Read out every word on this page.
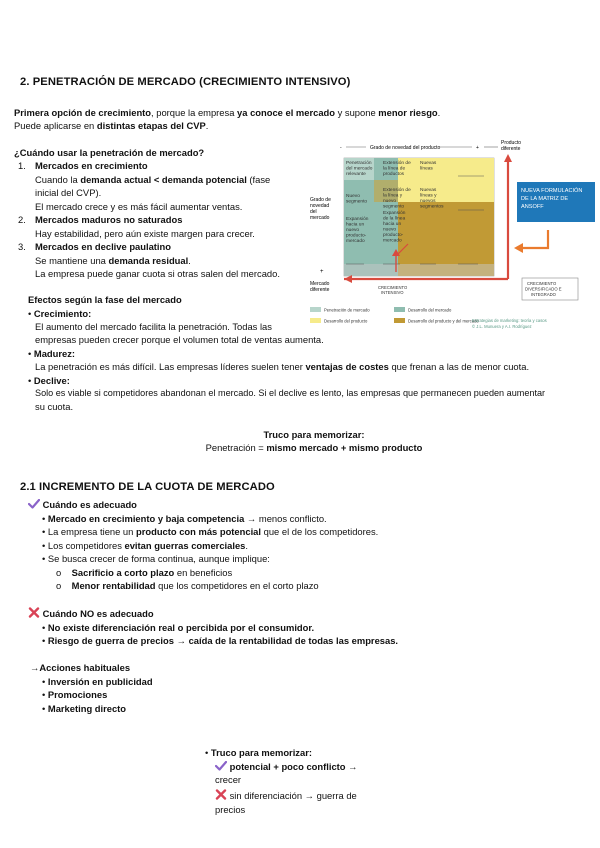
2. PENETRACIÓN DE MERCADO (CRECIMIENTO INTENSIVO)
Primera opción de crecimiento, porque la empresa ya conoce el mercado y supone menor riesgo.
Puede aplicarse en distintas etapas del CVP.
¿Cuándo usar la penetración de mercado?
1. Mercados en crecimiento
Cuando la demanda actual < demanda potencial (fase
inicial del CVP).
El mercado crece y es más fácil aumentar ventas.
2. Mercados maduros no saturados
Hay estabilidad, pero aún existe margen para crecer.
3. Mercados en declive paulatino
Se mantiene una demanda residual.
La empresa puede ganar cuota si otras salen del mercado.
Efectos según la fase del mercado
• Crecimiento:
El aumento del mercado facilita la penetración. Todas las
empresas pueden crecer porque el volumen total de ventas aumenta.
• Madurez:
La penetración es más difícil. Las empresas líderes suelen tener ventajas de costes que frenan a las de menor cuota.
• Declive:
Solo es viable si competidores abandonan el mercado. Si el declive es lento, las empresas que permanecen pueden aumentar
su cuota.
Truco para memorizar:
Penetración = mismo mercado + mismo producto
-	Grado de novedad del producto	+
Producto
diferente
Grado de
novedad
del
mercado
+
Mercado
diferente
Penetración del mercado relevante
Extensión de la línea de productos
Nuevas líneas
Nuevo segmento
Extensión de la línea y nuevo segmento
Nuevas líneas y nuevos segmentos
Expansión hacia un nuevo producto-mercado
Expansión de la línea hacia un nuevo producto-mercado
CRECIMIENTO
INTENSIVO
NUEVA FORMULACIÓN
DE LA MATRIZ DE
ANSOFF
CRECIMIENTO
DIVERSIFICADO E
INTEGRADO
Penetración de mercado	Desarrollo del mercado
Desarrollo del producto	Desarrollo del producto y del mercado
Estrategias de marketing: teoría y casos
© J.L. Munuera y A.I. Rodríguez
2.1 INCREMENTO DE LA CUOTA DE MERCADO
Cuándo es adecuado
• Mercado en crecimiento y baja competencia → menos conflicto.
• La empresa tiene un producto con más potencial que el de los competidores.
• Los competidores evitan guerras comerciales.
• Se busca crecer de forma continua, aunque implique:
o    Sacrificio a corto plazo en beneficios
o    Menor rentabilidad que los competidores en el corto plazo
Cuándo NO es adecuado
• No existe diferenciación real o percibida por el consumidor.
• Riesgo de guerra de precios → caída de la rentabilidad de todas las empresas.
→Acciones habituales
• Inversión en publicidad
• Promociones
• Marketing directo
• Truco para memorizar:
potencial + poco conflicto →
crecer
sin diferenciación → guerra de
precios
